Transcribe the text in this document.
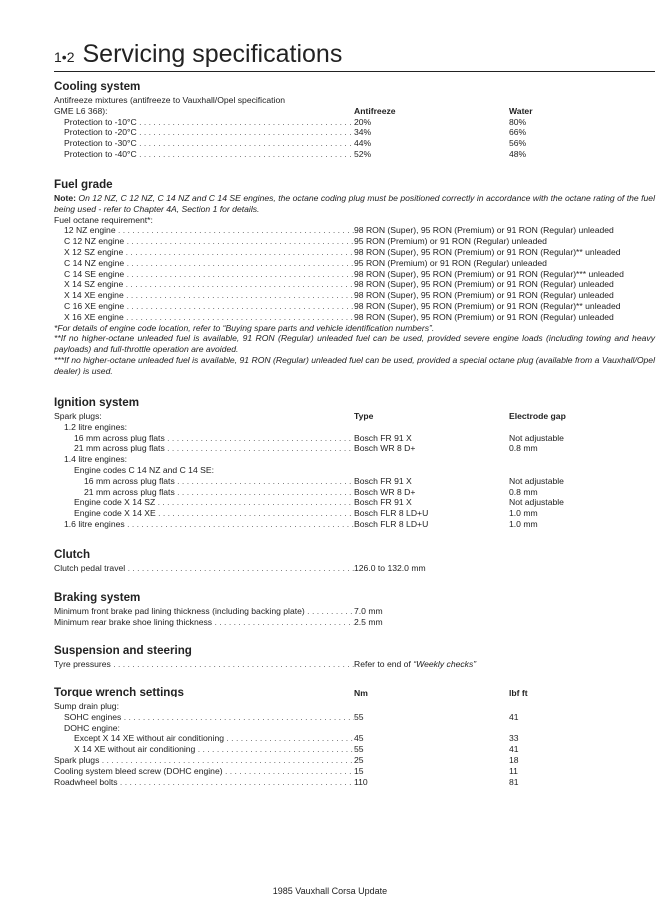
1•2 Servicing specifications
Cooling system
Antifreeze mixtures (antifreeze to Vauxhall/Opel specification
GME L6 368):	Antifreeze	Water
Protection to -10°C . . .	20%	80%
Protection to -20°C . . .	34%	66%
Protection to -30°C . . .	44%	56%
Protection to -40°C . . .	52%	48%
Fuel grade
Note: On 12 NZ, C 12 NZ, C 14 NZ and C 14 SE engines, the octane coding plug must be positioned correctly in accordance with the octane rating of the fuel being used - refer to Chapter 4A, Section 1 for details.
Fuel octane requirement*:
12 NZ engine . . .	98 RON (Super), 95 RON (Premium) or 91 RON (Regular) unleaded
C 12 NZ engine . . .	95 RON (Premium) or 91 RON (Regular) unleaded
X 12 SZ engine . . .	98 RON (Super), 95 RON (Premium) or 91 RON (Regular)** unleaded
C 14 NZ engine . . .	95 RON (Premium) or 91 RON (Regular) unleaded
C 14 SE engine . . .	98 RON (Super), 95 RON (Premium) or 91 RON (Regular)*** unleaded
X 14 SZ engine . . .	98 RON (Super), 95 RON (Premium) or 91 RON (Regular) unleaded
X 14 XE engine . . .	98 RON (Super), 95 RON (Premium) or 91 RON (Regular) unleaded
C 16 XE engine . . .	98 RON (Super), 95 RON (Premium) or 91 RON (Regular)** unleaded
X 16 XE engine . . .	98 RON (Super), 95 RON (Premium) or 91 RON (Regular) unleaded
*For details of engine code location, refer to “Buying spare parts and vehicle identification numbers”.
**If no higher-octane unleaded fuel is available, 91 RON (Regular) unleaded fuel can be used, provided severe engine loads (including towing and heavy payloads) and full-throttle operation are avoided.
***If no higher-octane unleaded fuel is available, 91 RON (Regular) unleaded fuel can be used, provided a special octane plug (available from a Vauxhall/Opel dealer) is used.
Ignition system
Spark plugs:	Type	Electrode gap
1.2 litre engines:
16 mm across plug flats . . .	Bosch FR 91 X	Not adjustable
21 mm across plug flats . . .	Bosch WR 8 D+	0.8 mm
1.4 litre engines:
Engine codes C 14 NZ and C 14 SE:
16 mm across plug flats . . .	Bosch FR 91 X	Not adjustable
21 mm across plug flats . . .	Bosch WR 8 D+	0.8 mm
Engine code X 14 SZ . . .	Bosch FR 91 X	Not adjustable
Engine code X 14 XE . . .	Bosch FLR 8 LD+U	1.0 mm
1.6 litre engines . . .	Bosch FLR 8 LD+U	1.0 mm
Clutch
Clutch pedal travel . . .	126.0 to 132.0 mm
Braking system
Minimum front brake pad lining thickness (including backing plate) . . .	7.0 mm
Minimum rear brake shoe lining thickness . . .	2.5 mm
Suspension and steering
Tyre pressures . . .	Refer to end of “Weekly checks”
Torque wrench settings	Nm	lbf ft
Sump drain plug:
SOHC engines . . .	55	41
DOHC engine:
Except X 14 XE without air conditioning . . .	45	33
X 14 XE without air conditioning . . .	55	41
Spark plugs . . .	25	18
Cooling system bleed screw (DOHC engine) . . .	15	11
Roadwheel bolts . . .	110	81
1985 Vauxhall Corsa Update
